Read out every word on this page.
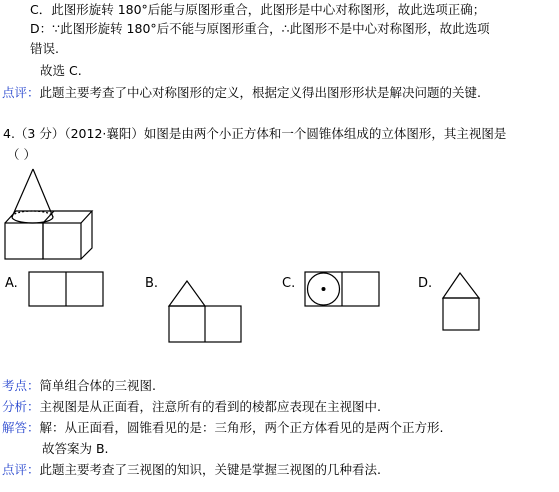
C．此图形旋转 180°后能与原图形重合，此图形是中心对称图形，故此选项正确；
D：∵此图形旋转 180°后不能与原图形重合，∴此图形不是中心对称图形，故此选项
错误.
故选 C.
点评：此题主要考查了中心对称图形的定义，根据定义得出图形形状是解决问题的关键.
4.（3 分）（2012·襄阳）如图是由两个小正方体和一个圆锥体组成的立体图形，其主视图是
（ ）
A.	B.	C.	D.
考点：简单组合体的三视图.
分析：主视图是从正面看，注意所有的看到的棱都应表现在主视图中.
解答：解：从正面看，圆锥看见的是：三角形，两个正方体看见的是两个正方形.
故答案为 B.
点评：此题主要考查了三视图的知识，关键是掌握三视图的几种看法.
